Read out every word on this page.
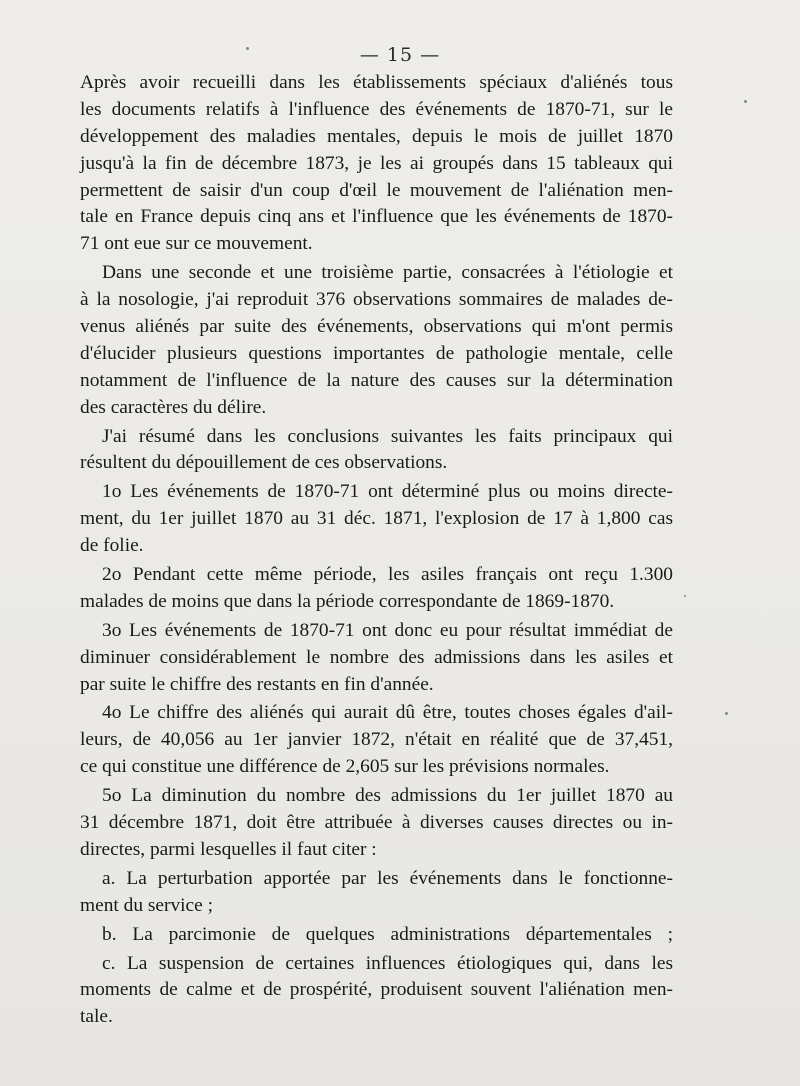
— 15 —
Après avoir recueilli dans les établissements spéciaux d'aliénés tous
les documents relatifs à l'influence des événements de 1870-71, sur le
développement des maladies mentales, depuis le mois de juillet 1870
jusqu'à la fin de décembre 1873, je les ai groupés dans 15 tableaux qui
permettent de saisir d'un coup d'œil le mouvement de l'aliénation men-
tale en France depuis cinq ans et l'influence que les événements de 1870-
71 ont eue sur ce mouvement.
Dans une seconde et une troisième partie, consacrées à l'étiologie et
à la nosologie, j'ai reproduit 376 observations sommaires de malades de-
venus aliénés par suite des événements, observations qui m'ont permis
d'élucider plusieurs questions importantes de pathologie mentale, celle
notamment de l'influence de la nature des causes sur la détermination
des caractères du délire.
J'ai résumé dans les conclusions suivantes les faits principaux qui
résultent du dépouillement de ces observations.
1o Les événements de 1870-71 ont déterminé plus ou moins directe-
ment, du 1er juillet 1870 au 31 déc. 1871, l'explosion de 17 à 1,800 cas
de folie.
2o Pendant cette même période, les asiles français ont reçu 1.300
malades de moins que dans la période correspondante de 1869-1870.
3o Les événements de 1870-71 ont donc eu pour résultat immédiat de
diminuer considérablement le nombre des admissions dans les asiles et
par suite le chiffre des restants en fin d'année.
4o Le chiffre des aliénés qui aurait dû être, toutes choses égales d'ail-
leurs, de 40,056 au 1er janvier 1872, n'était en réalité que de 37,451,
ce qui constitue une différence de 2,605 sur les prévisions normales.
5o La diminution du nombre des admissions du 1er juillet 1870 au
31 décembre 1871, doit être attribuée à diverses causes directes ou in-
directes, parmi lesquelles il faut citer :
a. La perturbation apportée par les événements dans le fonctionne-
ment du service ;
b. La parcimonie de quelques administrations départementales ;
c. La suspension de certaines influences étiologiques qui, dans les
moments de calme et de prospérité, produisent souvent l'aliénation men-
tale.
